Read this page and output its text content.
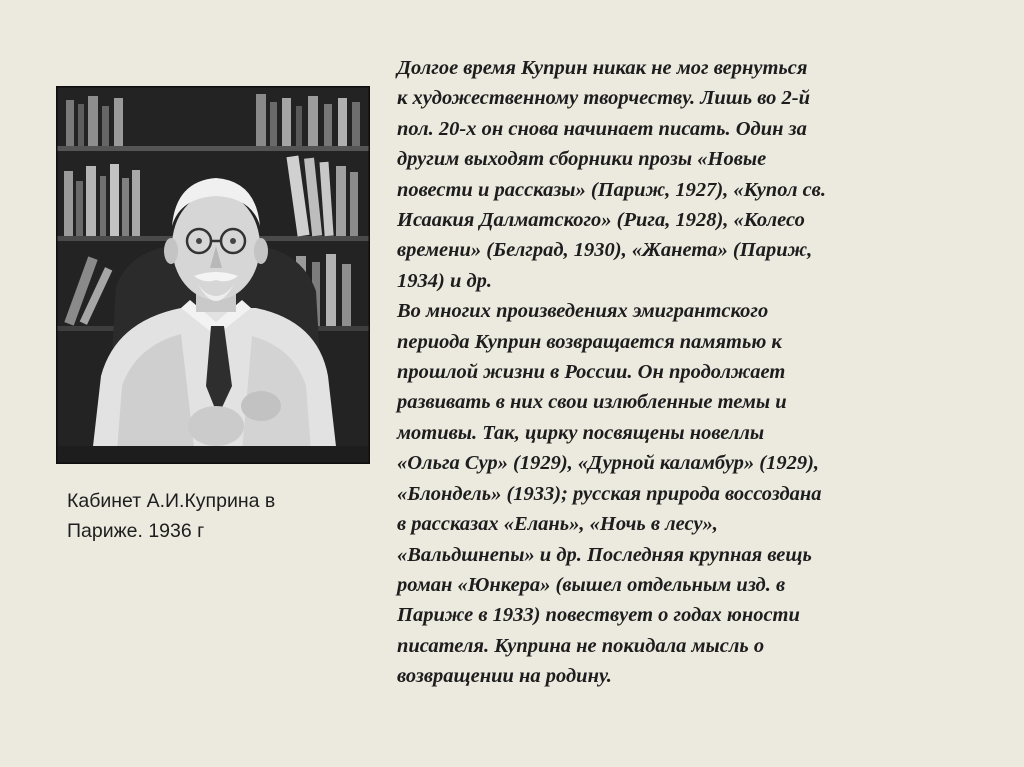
Кабинет А.И.Куприна в
Париже. 1936 г
Долгое время Куприн никак не мог вернуться
к художественному творчеству. Лишь во 2-й
пол. 20-х он снова начинает писать. Один за
другим выходят сборники прозы «Новые
повести и рассказы» (Париж, 1927), «Купол св.
Исаакия Далматского» (Рига, 1928), «Колесо
времени» (Белград, 1930), «Жанета» (Париж,
1934) и др.
Во многих произведениях эмигрантского
периода Куприн возвращается памятью к
прошлой жизни в России. Он продолжает
развивать в них свои излюбленные темы и
мотивы. Так, цирку посвящены новеллы
«Ольга Сур» (1929), «Дурной каламбур» (1929),
«Блондель» (1933); русская природа воссоздана
в рассказах «Елань», «Ночь в лесу»,
«Вальдшнепы» и др. Последняя крупная вещь
роман «Юнкера» (вышел отдельным изд. в
Париже в 1933) повествует о годах юности
писателя. Куприна не покидала мысль о
возвращении на родину.
